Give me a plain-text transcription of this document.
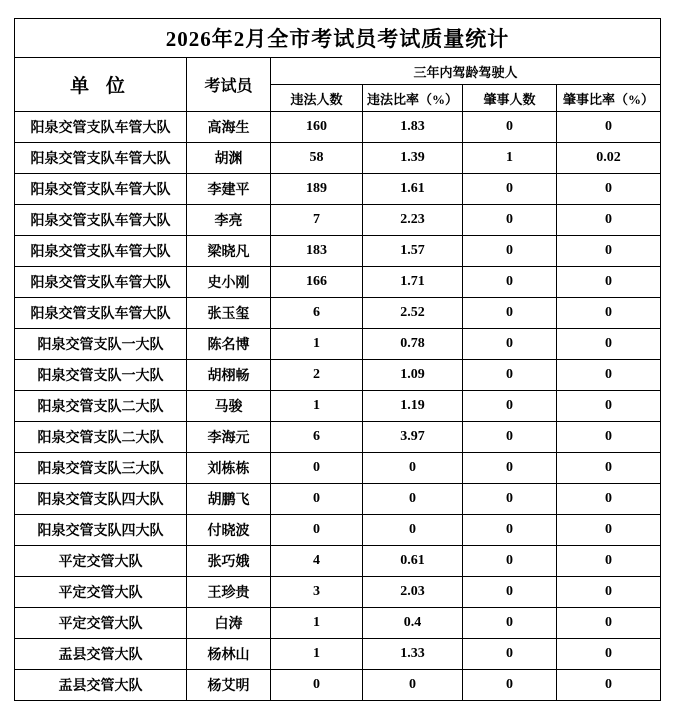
2026年2月全市考试员考试质量统计					
单 位	考试员	三年内驾龄驾驶人			
		违法人数	违法比率（%）	肇事人数	肇事比率（%）
阳泉交管支队车管大队	高海生	160	1.83	0	0
阳泉交管支队车管大队	胡渊	58	1.39	1	0.02
阳泉交管支队车管大队	李建平	189	1.61	0	0
阳泉交管支队车管大队	李亮	7	2.23	0	0
阳泉交管支队车管大队	梁晓凡	183	1.57	0	0
阳泉交管支队车管大队	史小刚	166	1.71	0	0
阳泉交管支队车管大队	张玉玺	6	2.52	0	0
阳泉交管支队一大队	陈名博	1	0.78	0	0
阳泉交管支队一大队	胡栩畅	2	1.09	0	0
阳泉交管支队二大队	马骏	1	1.19	0	0
阳泉交管支队二大队	李海元	6	3.97	0	0
阳泉交管支队三大队	刘栋栋	0	0	0	0
阳泉交管支队四大队	胡鹏飞	0	0	0	0
阳泉交管支队四大队	付晓波	0	0	0	0
平定交管大队	张巧娥	4	0.61	0	0
平定交管大队	王珍贵	3	2.03	0	0
平定交管大队	白涛	1	0.4	0	0
盂县交管大队	杨林山	1	1.33	0	0
盂县交管大队	杨艾明	0	0	0	0
